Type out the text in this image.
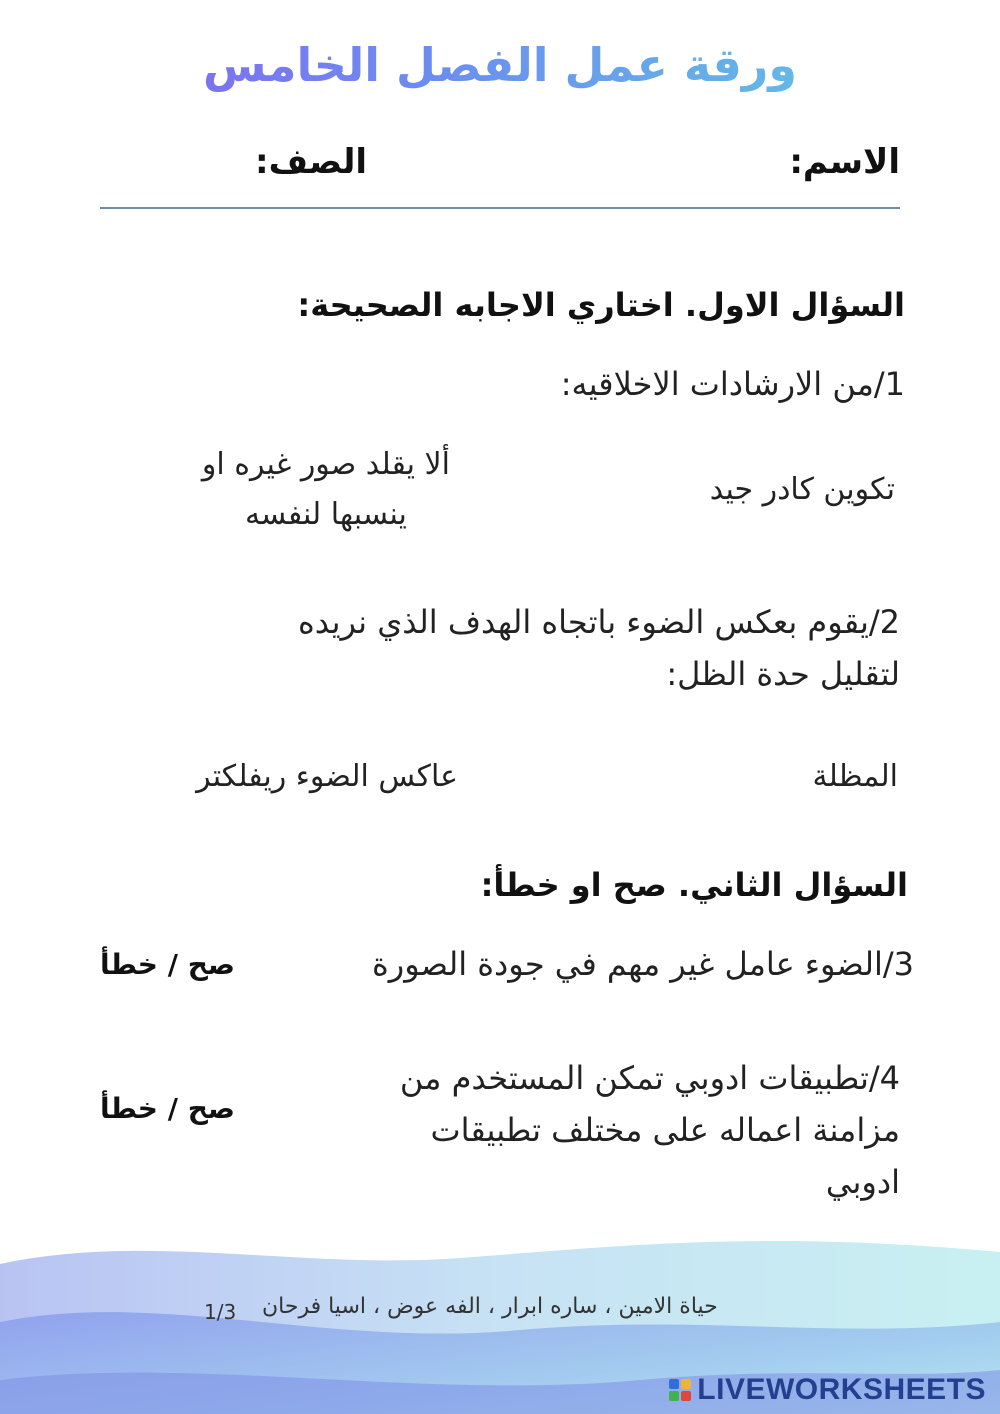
ورقة عمل الفصل الخامس
الاسم:
الصف:
السؤال الاول. اختاري الاجابه الصحيحة:
1/من الارشادات الاخلاقيه:
تكوين كادر جيد
ألا يقلد صور غيره او
ينسبها لنفسه
2/يقوم بعكس الضوء باتجاه الهدف الذي نريده
لتقليل حدة الظل:
المظلة
عاكس الضوء ريفلكتر
السؤال الثاني. صح او خطأ:
3/الضوء عامل غير مهم في جودة الصورة
صح / خطأ
4/تطبيقات ادوبي تمكن المستخدم من
مزامنة اعماله على مختلف تطبيقات
ادوبي
صح / خطأ
حياة الامين ، ساره ابرار ، الفه عوض ، اسيا فرحان
1/3
LIVEWORKSHEETS
